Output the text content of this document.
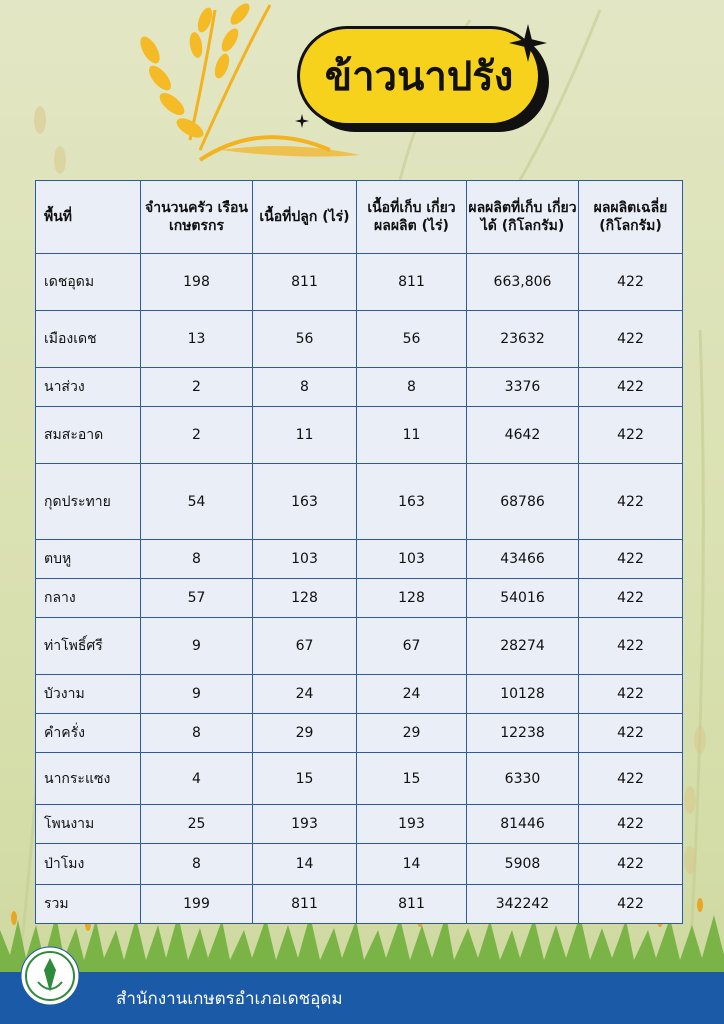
ข้าวนาปรัง
พื้นที่	จำนวนครัว เรือนเกษตรกร	เนื้อที่ปลูก (ไร่)	เนื้อที่เก็บ เกี่ยวผลผลิต (ไร่)	ผลผลิตที่เก็บ เกี่ยวได้ (กิโลกรัม)	ผลผลิตเฉลี่ย (กิโลกรัม)
เดชอุดม	198	811	811	663,806	422
เมืองเดช	13	56	56	23632	422
นาส่วง	2	8	8	3376	422
สมสะอาด	2	11	11	4642	422
กุดประทาย	54	163	163	68786	422
ตบหู	8	103	103	43466	422
กลาง	57	128	128	54016	422
ท่าโพธิ์ศรี	9	67	67	28274	422
บัวงาม	9	24	24	10128	422
คำครั่ง	8	29	29	12238	422
นากระแซง	4	15	15	6330	422
โพนงาม	25	193	193	81446	422
ป่าโมง	8	14	14	5908	422
รวม	199	811	811	342242	422
สำนักงานเกษตรอำเภอเดชอุดม
